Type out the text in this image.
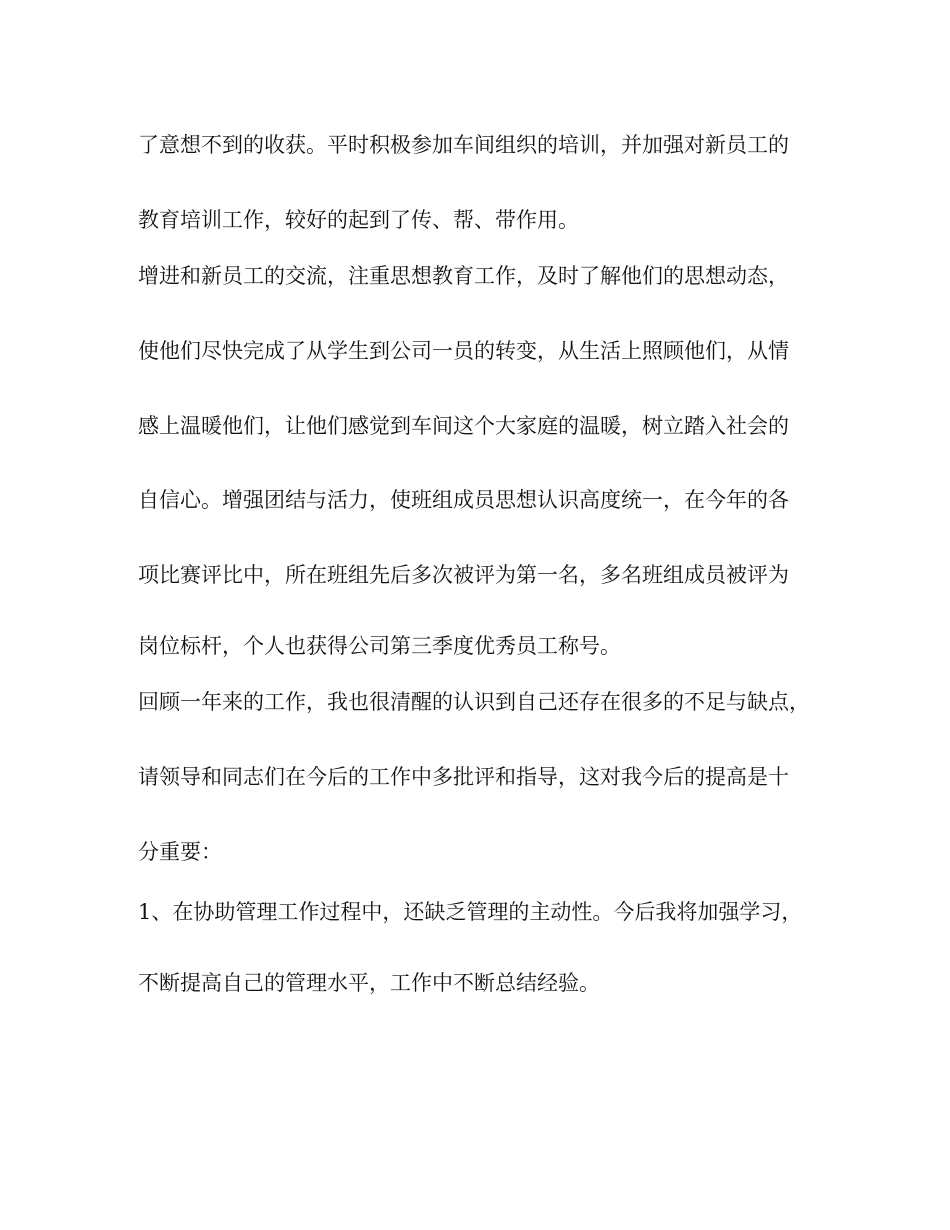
了意想不到的收获。平时积极参加车间组织的培训，并加强对新员工的
教育培训工作，较好的起到了传、帮、带作用。
增进和新员工的交流，注重思想教育工作，及时了解他们的思想动态，
使他们尽快完成了从学生到公司一员的转变，从生活上照顾他们，从情
感上温暖他们，让他们感觉到车间这个大家庭的温暖，树立踏入社会的
自信心。增强团结与活力，使班组成员思想认识高度统一，在今年的各
项比赛评比中，所在班组先后多次被评为第一名，多名班组成员被评为
岗位标杆，个人也获得公司第三季度优秀员工称号。
回顾一年来的工作，我也很清醒的认识到自己还存在很多的不足与缺点，
请领导和同志们在今后的工作中多批评和指导，这对我今后的提高是十
分重要：
1、在协助管理工作过程中，还缺乏管理的主动性。今后我将加强学习，
不断提高自己的管理水平，工作中不断总结经验。
